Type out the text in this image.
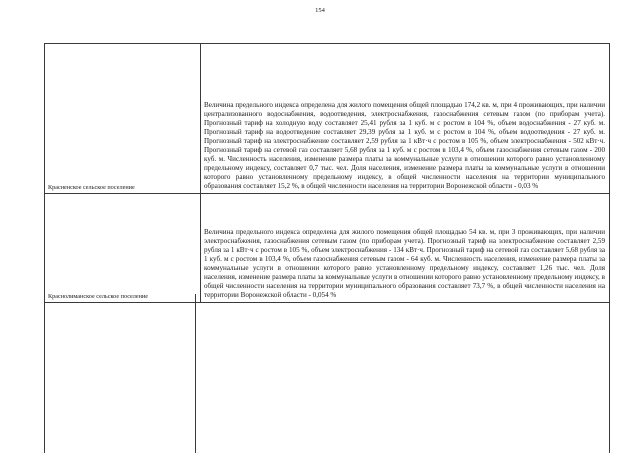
154
Красненское сельское поселение	Величина предельного индекса определена для жилого помещения общей площадью 174,2 кв. м, при 4 проживающих, при наличии централизованного водоснабжения, водоотведения, электроснабжения, газоснабжения сетевым газом (по приборам учета). Прогнозный тариф на холодную воду составляет 25,41 рубля за 1 куб. м с ростом в 104 %, объем водоснабжения - 27 куб. м. Прогнозный тариф на водоотведение составляет 29,39 рубля за 1 куб. м с ростом в 104 %, объем водоотведения - 27 куб. м. Прогнозный тариф на электроснабжение составляет 2,59 рубля за 1 кВт·ч с ростом в 105 %, объем электроснабжения - 502 кВт·ч. Прогнозный тариф на сетевой газ составляет 5,68 рубля за 1 куб. м с ростом в 103,4 %, объем газоснабжения сетевым газом - 200 куб. м. Численность населения, изменение размера платы за коммунальные услуги в отношении которого равно установленному предельному индексу, составляет 0,7 тыс. чел. Доля населения, изменение размера платы за коммунальные услуги в отношении которого равно установленному предельному индексу, в общей численности населения на территории муниципального образования составляет 15,2 %, в общей численности населения на территории Воронежской области - 0,03 %
Краснолиманское сельское поселение	Величина предельного индекса определена для жилого помещения общей площадью 54 кв. м, при 3 проживающих, при наличии электроснабжения, газоснабжения сетевым газом (по приборам учета). Прогнозный тариф на электроснабжение составляет 2,59 рубля за 1 кВт·ч с ростом в 105 %, объем электроснабжения - 134 кВт·ч. Прогнозный тариф на сетевой газ составляет 5,68 рубля за 1 куб. м с ростом в 103,4 %, объем газоснабжения сетевым газом - 64 куб. м. Численность населения, изменение размера платы за коммунальные услуги в отношении которого равно установленному предельному индексу, составляет 1,26 тыс. чел. Доля населения, изменение размера платы за коммунальные услуги в отношении которого равно установленному предельному индексу, в общей численности населения на территории муниципального образования составляет 73,7 %, в общей численности населения на территории Воронежской области - 0,054 %
